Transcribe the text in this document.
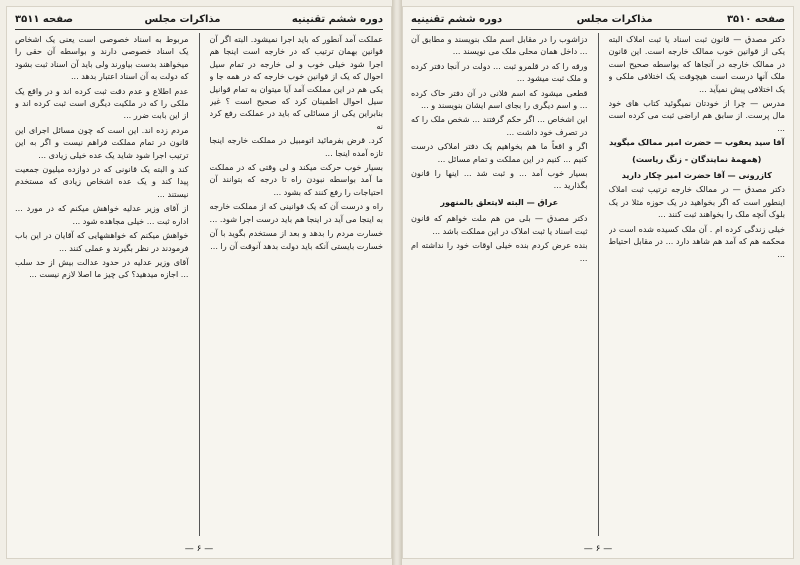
دوره ششم تقنینیه
مذاکرات مجلس
صفحه ۳۵۱۱

عملکت آمد آنطور که باید اجرا نمیشود. البته اگر آن قوانین بهمان ترتیب که در خارجه است اینجا هم اجرا شود خیلی خوب و لی خارجه در تمام سیل احوال که یک از قوانین خوب خارجه که در همه جا و یکی هم در این مملکت آمد آیا میتوان به تمام قوانیل سیل احوال اطمینان کرد که صحیح است ؟ غیر بنابراین یکی از مسائلی که باید در عملکت رفع کرد نه

کرد. قرض بفرمائید اتومبیل در مملکت خارجه اینجا تازه آمده اینجا ...

بسیار خوب حرکت میکند و لی وقتی که در مملکت ما آمد بواسطه نبودن راه تا درجه که بتوانند آن احتیاجات را رفع کنند که بشود ...

راه و درست آن که یک قوانینی که از مملکت خارجه به اینجا می آید در اینجا هم باید درست اجرا شود. ...

خسارت مردم را بدهد و بعد از مستخدم بگوید با آن خسارت بایستی آنکه باید دولت بدهد آنوقت آن را ...

مربوط به اسناد خصوصی است یعنی یک اشخاص یک اسناد خصوصی دارند و بواسطه آن حقی را میخواهند بدست بیاورند ولی باید آن اسناد ثبت بشود که دولت به آن اسناد اعتبار بدهد ...

عدم اطلاع و عدم دقت ثبت کرده اند و در واقع یک ملکی را که در ملکیت دیگری است ثبت کرده اند و از این بابت ضرر ...

مردم زده اند. این است که چون مسائل اجرای این قانون در تمام مملکت فراهم نیست و اگر به این ترتیب اجرا شود شاید یک عده خیلی زیادی ...

کند و البته یک قانونی که در دوازده میلیون جمعیت پیدا کند و یک عده اشخاص زیادی که مستخدم نیستند ...

از آقای وزیر عدلیه خواهش میکنم که در مورد ... اداره ثبت ... خیلی مجاهده شود ...

خواهش میکنم که خواهشهایی که آقایان در این باب فرمودند در نظر بگیرند و عملی کنند ...

آقای وزیر عدلیه در حدود عدالت بیش از حد سلب ... اجازه میدهید؟ کی چیز ما اصلا لازم نیست ...

— ۶ —
صفحه ۳۵۱۰
مذاکرات مجلس
دوره ششم تقنینیه

دکتر مصدق — قانون ثبت اسناد یا ثبت املاک البته یکی از قوانین خوب ممالک خارجه است. این قانون در ممالک خارجه در آنجاها که بواسطه صحیح است ملک آنها درست است هیچوقت یک اختلافی ملکی و یک اختلافی پیش نمیآید ...

مدرس — چرا از خودتان نمیگوئید کتاب های خود مال پرست. از سابق هم اراضی ثبت می کرده است ...

آقا سید یعقوب — حضرت امیر ممالک میگوید

(همهمهٔ نمایندگان - زنگ ریاست)

کازرونی — آقا حضرت امیر چکار دارید

دکتر مصدق — در ممالک خارجه ترتیب ثبت املاک اینطور است که اگر بخواهید در یک حوزه مثلا در یک بلوک آنچه ملک را بخواهند ثبت کنند ...

خیلی زندگی کرده ام . آن ملک کسیده شده است در محکمه هم که آمد هم شاهد دارد ... در مقابل احتیاط ...

دزاشوب را در مقابل اسم ملک بنویسند و مطابق آن ... داخل همان محلی ملک می نویسند ...

ورقه را که در قلمرو ثبت ... دولت در آنجا دفتر کرده و ملک ثبت میشود ...

قطعی میشود که اسم فلانی در آن دفتر حاک کرده ... و اسم دیگری را بجای اسم ایشان بنویسند و ...

این اشخاص ... اگر حکم گرفتند ... شخص ملک را که در تصرف خود داشت ...

اگر و اقعاً ما هم بخواهیم یک دفتر املاکی درست کنیم ... کنیم در این مملکت و تمام مسائل ...

بسیار خوب آمد ... و ثبت شد ... اینها را قانون بگذارید ...

عراق — البته لایتعلق بالمنهور

دکتر مصدق — بلی من هم ملت خواهم که قانون ثبت اسناد یا ثبت املاک در این مملکت باشد ...

بنده عرض کردم بنده خیلی اوقات خود را نداشته ام ...

— ۶ —
